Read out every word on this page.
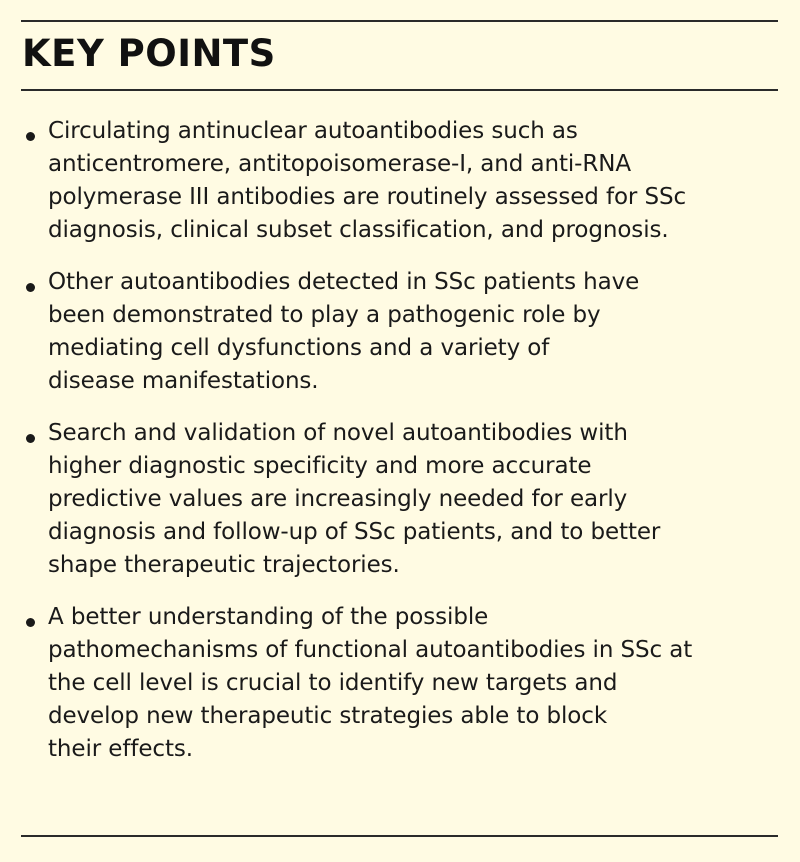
KEY POINTS
Circulating antinuclear autoantibodies such as
anticentromere, antitopoisomerase-I, and anti-RNA
polymerase III antibodies are routinely assessed for SSc
diagnosis, clinical subset classification, and prognosis.
Other autoantibodies detected in SSc patients have
been demonstrated to play a pathogenic role by
mediating cell dysfunctions and a variety of
disease manifestations.
Search and validation of novel autoantibodies with
higher diagnostic specificity and more accurate
predictive values are increasingly needed for early
diagnosis and follow-up of SSc patients, and to better
shape therapeutic trajectories.
A better understanding of the possible
pathomechanisms of functional autoantibodies in SSc at
the cell level is crucial to identify new targets and
develop new therapeutic strategies able to block
their effects.
